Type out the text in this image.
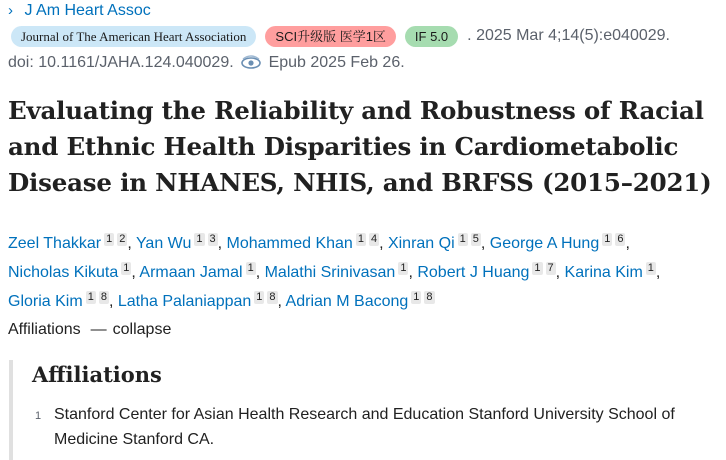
› J Am Heart Assoc
Journal of The American Heart Association	SCI升级版 医学1区	IF 5.0	. 2025 Mar 4;14(5):e040029.
doi: 10.1161/JAHA.124.040029. Epub 2025 Feb 26.
Evaluating the Reliability and Robustness of Racial and Ethnic Health Disparities in Cardiometabolic Disease in NHANES, NHIS, and BRFSS (2015–2021)
Zeel Thakkar 1 2 , Yan Wu 1 3 , Mohammed Khan 1 4 , Xinran Qi 1 5 , George A Hung 1 6 , Nicholas Kikuta 1 , Armaan Jamal 1 , Malathi Srinivasan 1 , Robert J Huang 1 7 , Karina Kim 1 , Gloria Kim 1 8 , Latha Palaniappan 1 8 , Adrian M Bacong 1 8
Affiliations — collapse
Affiliations
1 Stanford Center for Asian Health Research and Education Stanford University School of Medicine Stanford CA.
